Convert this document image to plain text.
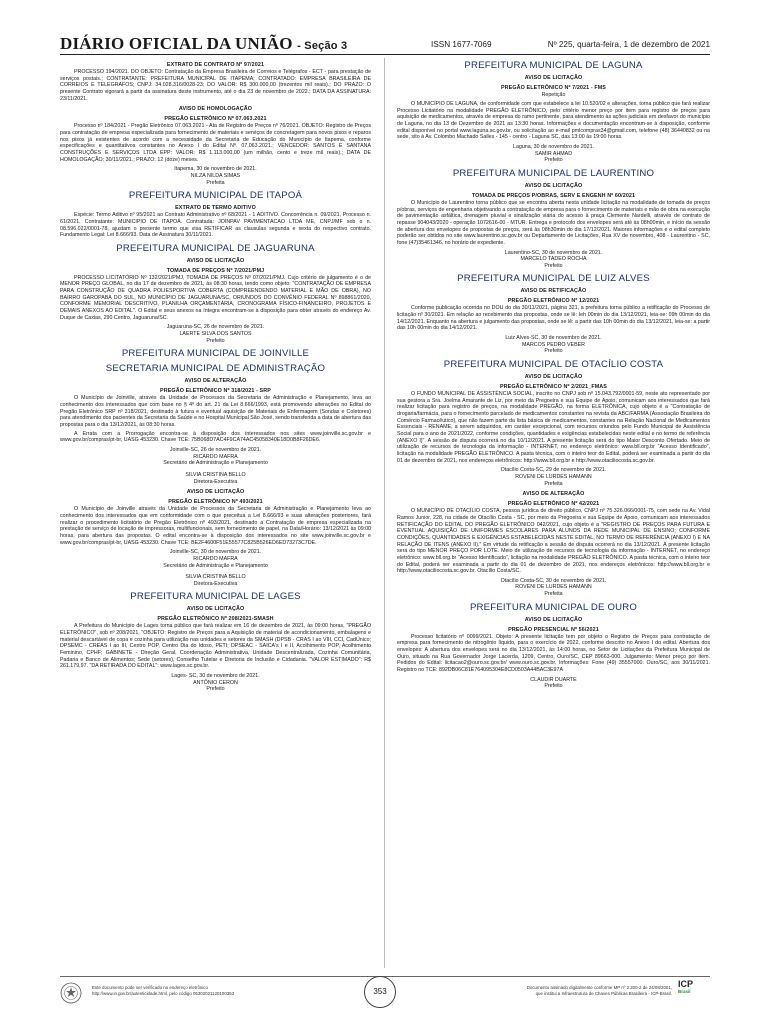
DIÁRIO OFICIAL DA UNIÃO - Seção 3	ISSN 1677-7069	Nº 225, quarta-feira, 1 de dezembro de 2021
EXTRATO DE CONTRATO Nº 97/2021

PROCESSO 194/2021. DO OBJETO: Contratação da Empresa Brasileira de Correios e Telégrafos - ECT - para prestação de serviços postais.; CONTRATANTE: PREFEITURA MUNICIPAL DE ITAPEMA; CONTRATADO: EMPRESA BRASILEIRA DE CORREIOS E TELEGRAFOS; CNPJ: 34.028.316/0028-23; DO VALOR: R$ 300.000,00 (trezentos mil reais).; DO PRAZO: O presente Contrato vigorará a partir da assinatura deste instrumento, até o dia 23 de novembro de 2022.; DATA DA ASSINATURA: 23/11/2021.

AVISO DE HOMOLOGAÇÃO
PREGÃO ELETRÔNICO Nº 07.063.2021

Processo nº 184/2021 - Pregão Eletrônico 07.063.2021 - Ata de Registro de Preços nº 76/2021. OBJETO: Registro de Preços para contratação de empresa especializada para fornecimento de materiais e serviços de concretagem para novos pisos e reparos nos pisos já existentes de acordo com a necessidade da Secretaria de Educação do Município de Itapema, conforme especificações e quantitativos constantes no Anexo I do Edital Nº. 07.063.2021.; VENCEDOR: SANTOS E SANTANA CONSTRUÇÕES E SERVIÇOS LTDA EPP; VALOR: R$ 1.113.000,00 (um milhão, cento e treze mil reais).; DATA DE HOMOLOGAÇÃO: 30/11/2021.; PRAZO: 12 (doze) meses.

Itapema, 30 de novembro de 2021.
NILZA NILDA SIMAS
Prefeita
PREFEITURA MUNICIPAL DE ITAPOÁ
EXTRATO DE TERMO ADITIVO

Espécie: Termo Aditivo nº 95/2021 ao Contrato Administrativo nº 68/2021 - 1 ADITIVO. Concorrência n. 09/2021, Processo n. 61/2021. Contratante: MUNICIPIO DE ITAPOÁ. Contratada: JOINPAV PAVIMENTACAO LTDA ME, CNPJ/MF sob o n. 08.596.022/0001-78, ajustam o presente termo que visa RETIFICAR as clausulas segunda e sexta do respectivo contrato. Fundamento Legal: Lei 8.666/93. Data de Assinatura 30/11/2021.

PREFEITURA MUNICIPAL DE JAGUARUNA
AVISO DE LICITAÇÃO
TOMADA DE PREÇOS Nº 7/2021/PMJ

PROCESSO LICITATÓRIO Nº 132/2021/PMJ, TOMADA DE PREÇOS Nº 07/2021/PMJ. Cujo critério de julgamento é o de MENOR PREÇO GLOBAL, no dia 17 de dezembro de 2021, às 08:30 horas, tendo como objeto: "CONTRATAÇÃO DE EMPRESA PARA CONSTRUÇÃO DE QUADRA POLIESPORTIVA COBERTA (COMPREENDENDO MATERIAL E MÃO DE OBRA), NO BAIRRO GAROPABA DO SUL, NO MUNICÍPIO DE JAGUARUNA/SC, ORIUNDOS DO CONVÊNIO FEDERAL Nº 898861/2020, CONFORME MEMORIAL DESCRITIVO, PLANILHA ORÇAMENTÁRIA, CRONOGRAMA FÍSICO-FINANCEIRO, PROJETOS E DEMAIS ANEXOS AO EDITAL". O Edital e seus anexos na íntegra encontram-se à disposição para obter através do endereço Av. Duque de Caxias, 290 Centro, Jaguaruna/SC.

Jaguaruna-SC, 26 de novembro de 2021.
LAERTE SILVA DOS SANTOS
Prefeito
PREFEITURA MUNICIPAL DE JOINVILLE
SECRETARIA MUNICIPAL DE ADMINISTRAÇÃO
AVISO DE ALTERAÇÃO
PREGÃO ELETRÔNICO Nº 318/2021 - SRP

O Município de Joinville, através da Unidade de Processos da Secretaria de Administração e Planejamento, leva ao conhecimento dos interessados que com base no § 4º do art. 21 da Lei 8.666/1993, está promovendo alterações no Edital do Pregão Eletrônico SRP nº 318/2021, destinado à futura e eventual aquisição de Materiais de Enfermagem (Sondas e Coletores) para atendimento dos pacientes da Secretaria da Saúde e no Hospital Municipal São José, sendo transferida a data de abertura das propostas para o dia 13/12/2021, às 08:30 horas.

A Errata com a Prorrogação encontra-se à disposição dos interessados nos sites www.joinville.sc.gov.br e www.gov.br/compras/pt-br, UASG 453230. Chave TCE: 75B068D7AC4F9CA74AC45058340E18D0B8F26DE6.

Joinville-SC, 26 de novembro de 2021.
RICARDO MAFRA
Secretário de Administração e Planejamento
SILVIA CRISTINA BELLO
Diretora-Executiva
AVISO DE LICITAÇÃO
PREGÃO ELETRÔNICO Nº 493/2021

O Município de Joinville através da Unidade de Processos da Secretaria de Administração e Planejamento leva ao conhecimento dos interessados que em conformidade com o que preceitua a Lei 8.666/93 e suas alterações posteriores, fará realizar o procedimento licitatório de Pregão Eletrônico nº 493/2021, destinado a Contratação de empresa especializada na prestação de serviço de locação de impressoras, multifuncionais, sem fornecimento de papel, na Data/Horário: 13/12/2021 às 09:00 horas, para abertura das propostas. O edital encontra-se à disposição dos interessados no site www.joinville.sc.gov.br e www.gov.br/compras/pt-br, UASG 453230. Chave TCE: BE2F4600F51E55577C825B526ED6ED73273C7DE.

Joinville-SC, 30 de novembro de 2021.
RICARDO MAFRA
Secretário de Administração e Planejamento
SILVIA CRISTINA BELLO
Diretora-Executiva
PREFEITURA MUNICIPAL DE LAGES
AVISO DE LICITAÇÃO
PREGÃO ELETRÔNICO Nº 208/2021-SMASH

A Prefeitura do Município de Lages torna público que fará realizar em 16 de dezembro de 2021, às 09:00 horas, "PREGÃO ELETRÔNICO", sob nº 208/2021, "OBJETO: Registro de Preços para a Aquisição de material de acondicionamento, embalagens e material descartável de copa e cozinha para utilização nas unidades e setores da SMASH (DPSB - CRAS I ao VIII, CCI, CadÚnico; DPSEMC - CREAS I ao III, Centro POP, Centro Dia do Idoso, PETI; DPSEAC - SAICA's I e II, Acolhimento POP, Acolhimento Feminino, CPHF; GABINETE - Direção Geral, Coordenação Administrativa, Unidade Descentralizada, Cozinha Comunitária, Padaria e Banco de Alimentos; Sede (setores), Conselho Tutelar e Diretoria de Inclusão e Cidadania. "VALOR ESTIMADO": R$ 261.179,97. "DA RETIRADA DO EDITAL": www.lages.sc.gov.br.

Lages- SC, 30 de novembro de 2021.
ANTÔNIO CERON
Prefeito
PREFEITURA MUNICIPAL DE LAGUNA
AVISO DE LICITAÇÃO
PREGÃO ELETRÔNICO Nº 7/2021 - FMS
Repetição

O MUNICÍPIO DE LAGUNA, de conformidade com que estabelece a lei 10.520/02 e alterações, torna público que fará realizar Processo Licitatório na modalidade PREGÃO ELETRÔNICO, pelo critério menor preço por item para registro de preços para aquisição de medicamentos, através de empresa do ramo pertinente, para atendimento às ações judiciais em desfavor do município de Laguna, no dia 13 de Dezembro de 2021 as 13:30 horas. Informações e documentação encontram-se à disposição, conforme edital disponível no portal www.laguna.sc.gov.br, ou solicitação ao e-mail pmlcompras34@gmail.com, telefone (48) 36440832 ou na sede, sito à Av. Colombo Machado Salles - 145 - centro - Laguna SC, das 13:00 às 19:00 horas.

Laguna, 30 de novembro de 2021.
SAMIR AHMAD
Prefeito
PREFEITURA MUNICIPAL DE LAURENTINO
AVISO DE LICITAÇÃO
TOMADA DE PREÇOS P/OBRAS, SERV E ENGENH Nº 60/2021

O Município de Laurentino torna público que se encontra aberta nesta unidade licitação na modalidade de tomada de preços p/obras, serviços de engenharia objetivando a contratação de empresa para o fornecimento de materiais e mão de obra na execução de pavimentação asfáltica, drenagem pluvial e sinalização viária do acesso à praça Clemente Nardelli, através de contrato de repasse 904043/2020 - operação 1072616-00 - MTUR. Entrega e protocolo dos envelopes será até às 08h00min, e início da sessão de abertura dos envelopes de propostas de preços, será às 08h30min do dia 17/12/2021. Maiores informações e o edital completo poderão ser obtidos no site www.laurentino.sc.gov.br ou Departamento de Licitações, Rua XV de novembro, 408 - Laurentino - SC, fone (47)35461346, no horário de expediente.

Laurentino-SC, 30 de novembro de 2021.
MARCELO TADEO ROCHA
Prefeito
PREFEITURA MUNICIPAL DE LUIZ ALVES
AVISO DE RETIFICAÇÃO
PREGÃO ELETRÔNICO Nº 12/2021

Conforme publicação ocorrida no DOU do dia 30/11/2021, página 321, a prefeitura torna público a retificação do Processo de licitação nº 30/2021. Em relação ao recebimento das propostas, onde se lê: Ieh 00min do dia 13/12/2021, leia-se: 09h 00min do dia 14/12/2021. Enquanto na abertura e julgamento das propostas, onde se lê: a partir das 10h 00min do dia 13/12/2021, leia-se: a partir das 10h 00min do dia 14/12/2021.

Luiz Alves-SC, 30 de novembro de 2021.
MARCOS PEDRO VEBER
Prefeito
PREFEITURA MUNICIPAL DE OTACÍLIO COSTA
AVISO DE LICITAÇÃO
PREGÃO ELETRÔNICO Nº 2/2021_FMAS

O FUNDO MUNICIPAL DE ASSISTÊNCIA SOCIAL, inscrito no CNPJ sob nº 15.043.792/0001-59, neste ato representado por sua gestora a Sra. Joelma Amarante de Liz, por meio da Pregoeira e sua Equipe de Apoio, comunicam aos interessados que fará realizar licitação para registro de preços, na modalidade PREGÃO, na forma ELETRÔNICA, cujo objeto é a "Contratação de drogaria/farmácia, para o fornecimento parcelado de medicamentos constantes na revista da ABC/FARMA (Associação Brasileira do Comércio Farmacêutico), que não fazem parte da lista básica de medicamentos, constantes na Relação Nacional de Medicamentos Essenciais - RENAME, a serem adquiridos, em caráter excepcional, com recursos oriundos pelo Fundo Municipal de Assistência Social para o ano de 2021/2022, conforme condições, quantidades e exigências estabelecidas neste edital e no termo de referência (ANEXO I)". A sessão de disputa ocorrerá no dia 10/12/2021. A presente licitação será do tipo Maior Desconto Ofertado. Meio de utilização de recursos de tecnologia da informação - INTERNET, no endereço eletrônico: www.bll.org.br "Acesso Identificado", licitação na modalidade PREGÃO ELETRÔNICO. A pasta técnica, com o inteiro teor do Edital, poderá ser examinada a partir do dia 01 de dezembro de 2021, nos endereços eletrônicos: http://www.bll.org.br e http://www.otaciliocosta.sc.gov.br.

Otacílio Costa-SC, 29 de novembro de 2021.
ROVENI DE LURDES HAMANN
Prefeita
AVISO DE ALTERAÇÃO
PREGÃO ELETRÔNICO Nº 42/2021

O MUNICÍPIO DE OTACÍLIO COSTA, pessoa jurídica de direito público, CNPJ nº 75.326.066/0001-75, com sede na Av. Vidal Ramos Junior, 228, na cidade de Otacílio Costa - SC, por meio da Pregoeira e sua Equipe de Apoio, comunicam aos interessados RETIFICAÇÃO DO EDITAL DO PREGÃO ELETRÔNICO 042/2021, cujo objeto é a "REGISTRO DE PREÇOS PARA FUTURA E EVENTUAL AQUISIÇÃO DE UNIFORMES ESCOLARES PARA ALUNOS DA REDE MUNICIPAL DE ENSINO; CONFORME CONDIÇÕES, QUANTIDADES E EXIGÊNCIAS ESTABELECIDAS NESTE EDITAL, NO TERMO DE REFERÊNCIA (ANEXO I) E NA RELAÇÃO DE ITENS (ANEXO II)." Em virtude da retificação a sessão de disputa ocorrerá no dia 13/12/2021. A presente licitação será do tipo MENOR PREÇO POR LOTE. Meio de utilização de recursos de tecnologia da informação - INTERNET, no endereço eletrônico: www.bll.org.br "Acesso Identificado", licitação na modalidade PREGÃO ELETRÔNICO. A pasta técnica, com o inteiro teor do Edital, poderá ser examinada a partir do dia 01 de dezembro de 2021, nos endereços eletrônicos: http://www.bll.org.br e http://www.otaciliocosta.sc.gov.br. Otacílio Costa/SC.

Otacílio Costa-SC, 30 de novembro de 2021.
ROVENI DE LURDES HAMANN
Prefeita
PREFEITURA MUNICIPAL DE OURO
AVISO DE LICITAÇÃO
PREGÃO PRESENCIAL Nº 56/2021

Processo licitatório nº 0099/2021. Objeto: A presente licitação tem por objeto o Registro de Preços para contratação de empresa para fornecimento de nitrogênio líquido, para o exercício de 2022, conforme descrito no Anexo I do edital. Abertura dos envelopes: A abertura dos envelopes será no dia 13/12/2021, às 14:00 horas, no Setor de Licitações da Prefeitura Municipal de Ouro, situado na Rua Governador Jorge Lacerda, 1209, Centro, Ouro/SC, CEP 89663-000. Julgamento: Menor preço por item. Pedidos do Edital: licitacao2@ouro.sc.gov.br/ www.ouro.sc.gov.br. Informações: Fone (49) 35557000. Ouro/SC, aos 30/11/2021. Registro no TCE: 892DB06C81E764095304E8CD0503A44BAC3E97A

CLAUDIR DUARTE
Prefeito
Este documento pode ser verificado no endereço eletrônico
http://www.in.gov.br/autenticidade.html, pelo código 05302021120100353	353	Documento assinado digitalmente conforme MP nº 2.200-2 de 24/08/2001,
que institui a Infraestrutura de Chaves Públicas Brasileira - ICP-Brasil.
ICP
Brasil
